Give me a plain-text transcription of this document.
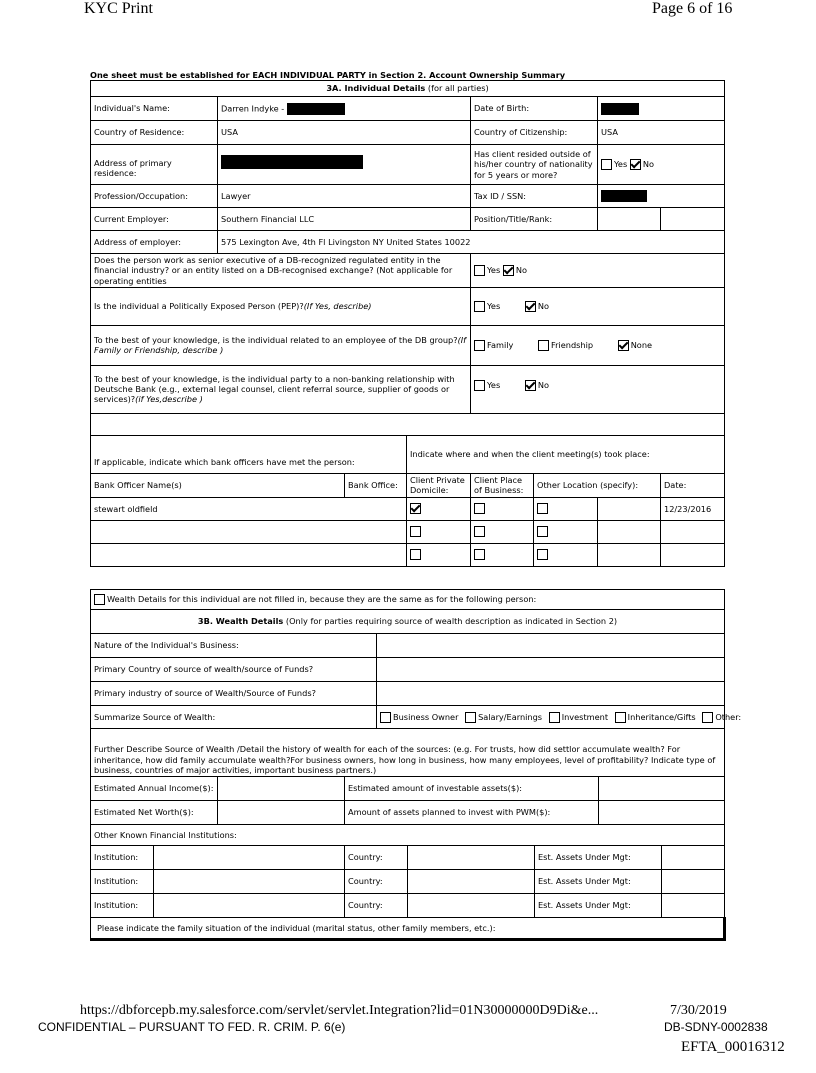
KYC Print	Page 6 of 16
One sheet must be established for EACH INDIVIDUAL PARTY in Section 2. Account Ownership Summary
3A. Individual Details (for all parties)							
Individual's Name:	Darren Indyke -			Date of Birth:			
Country of Residence:	USA			Country of Citizenship:		USA	
Address of primary residence:				Has client resided outside of his/her country of nationality for 5 years or more?		Yes No	
Profession/Occupation:	Lawyer			Tax ID / SSN:			
Current Employer:	Southern Financial LLC			Position/Title/Rank:			
Address of employer:	575 Lexington Ave, 4th Fl Livingston NY United States 10022						
Does the person work as senior executive of a DB-recognized regulated entity in the financial industry? or an entity listed on a DB-recognised exchange? (Not applicable for operating entities				Yes No			
Is the individual a Politically Exposed Person (PEP)?(If Yes, describe)				Yes No			
To the best of your knowledge, is the individual related to an employee of the DB group?(If Family or Friendship, describe )				Family Friendship None			
To the best of your knowledge, is the individual party to a non-banking relationship with Deutsche Bank (e.g., external legal counsel, client referral source, supplier of goods or services)?(if Yes,describe )				Yes No			

If applicable, indicate which bank officers have met the person:			Indicate where and when the client meeting(s) took place:				
Bank Officer Name(s)		Bank Office:	Client Private Domicile:	Client Place of Business:	Other Location (specify):		Date:
stewart oldfield							12/23/2016

Wealth Details for this individual are not filled in, because they are the same as for the following person:								
3B. Wealth Details (Only for parties requiring source of wealth description as indicated in Section 2)								
Nature of the Individual's Business:								
Primary Country of source of wealth/source of Funds?								
Primary industry of source of Wealth/Source of Funds?								
Summarize Source of Wealth:				Business Owner Salary/Earnings Investment Inheritance/Gifts Other:				
Further Describe Source of Wealth /Detail the history of wealth for each of the sources: (e.g. For trusts, how did settlor accumulate wealth? For inheritance, how did family accumulate wealth?For business owners, how long in business, how many employees, level of profitability? Indicate type of business, countries of major activities, important business partners.)								
Estimated Annual Income($):			Estimated amount of investable assets($):					
Estimated Net Worth($):			Amount of assets planned to invest with PWM($):					
Other Known Financial Institutions:								
Institution:			Country:			Est. Assets Under Mgt:		
Institution:			Country:			Est. Assets Under Mgt:		
Institution:			Country:			Est. Assets Under Mgt:		
Please indicate the family situation of the individual (marital status, other family members, etc.):								
https://dbforcepb.my.salesforce.com/servlet/servlet.Integration?lid=01N30000000D9Di&e...	7/30/2019
CONFIDENTIAL – PURSUANT TO FED. R. CRIM. P. 6(e)	DB-SDNY-0002838
EFTA_00016312
